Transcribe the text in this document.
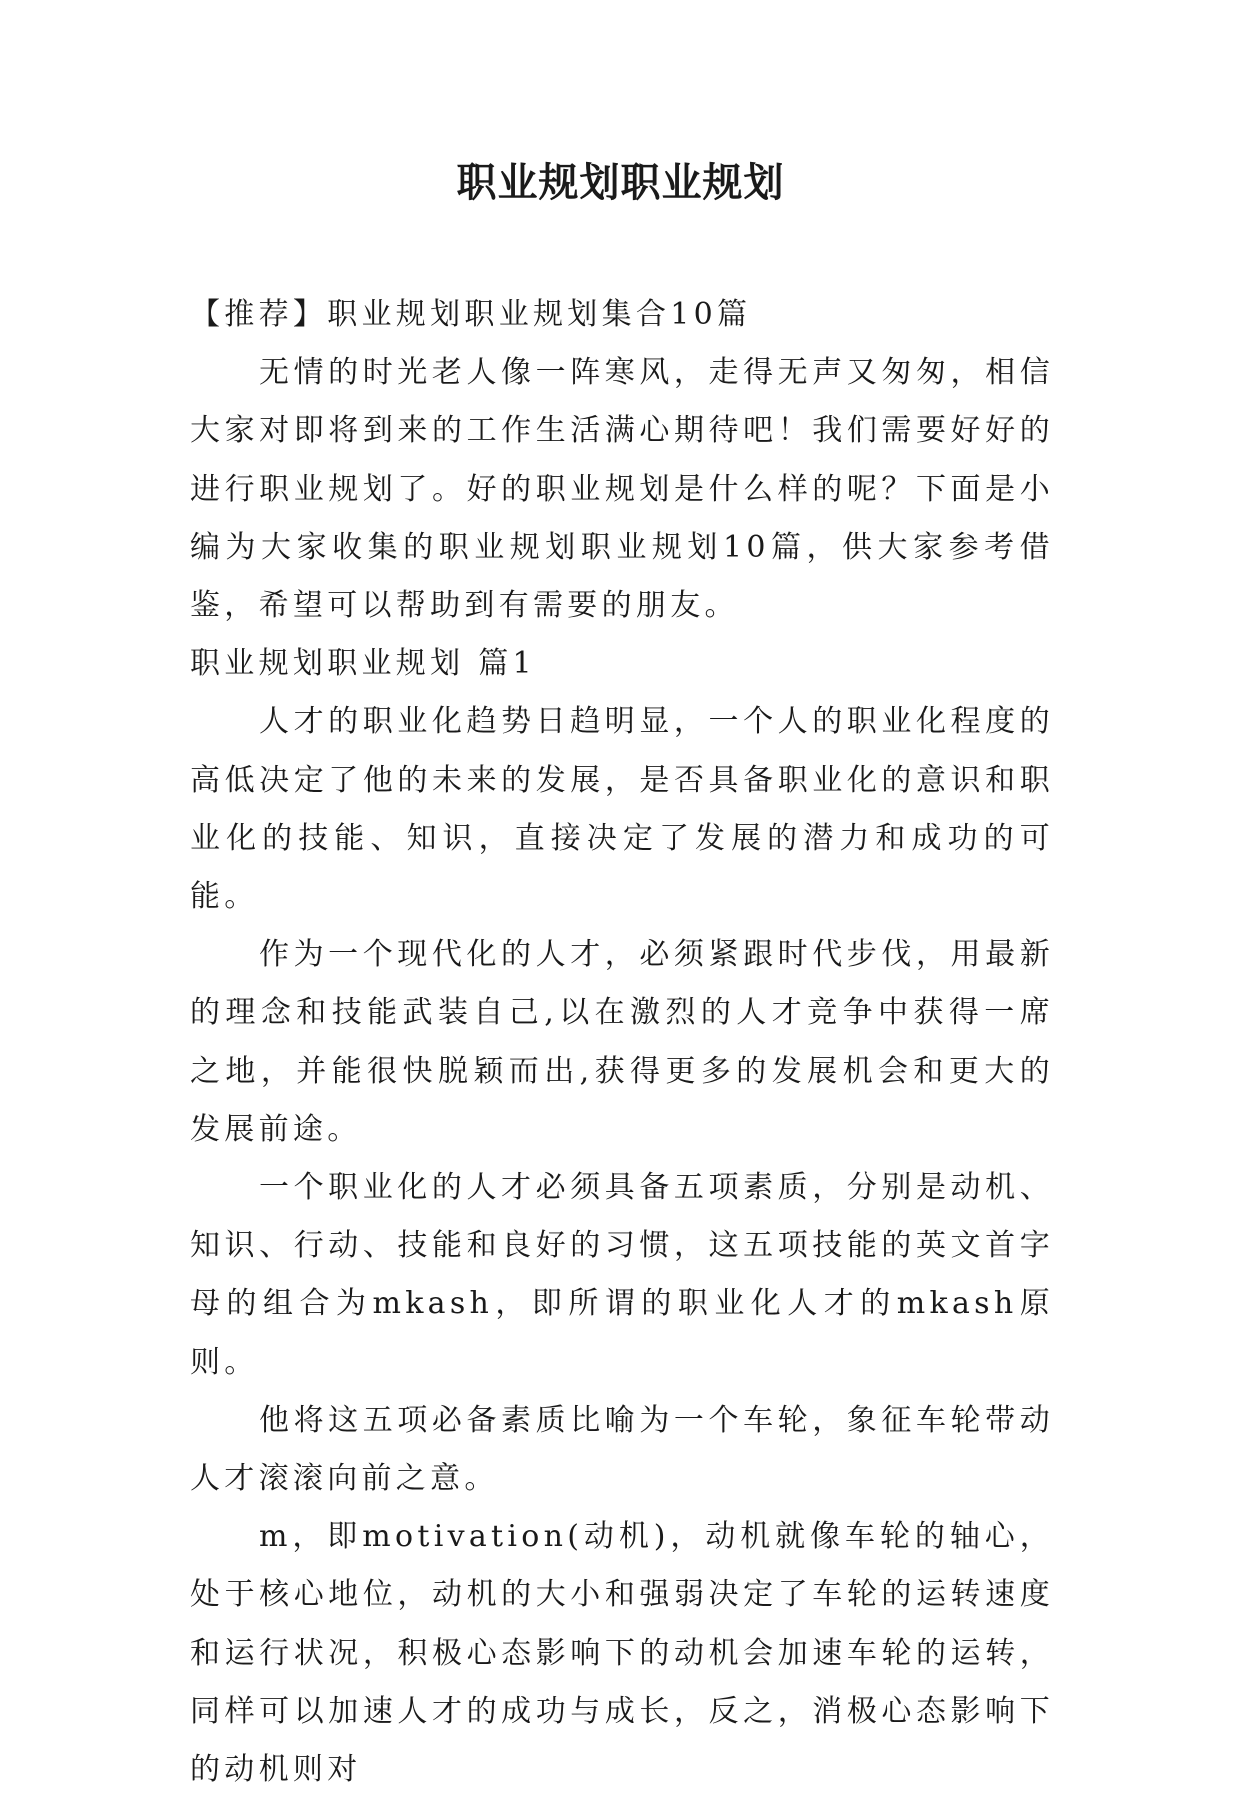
职业规划职业规划

【推荐】职业规划职业规划集合10篇

无情的时光老人像一阵寒风，走得无声又匆匆，相信大家对即将到来的工作生活满心期待吧！我们需要好好的进行职业规划了。好的职业规划是什么样的呢？下面是小编为大家收集的职业规划职业规划10篇，供大家参考借鉴，希望可以帮助到有需要的朋友。

职业规划职业规划 篇1

人才的职业化趋势日趋明显，一个人的职业化程度的高低决定了他的未来的发展，是否具备职业化的意识和职业化的技能、知识，直接决定了发展的潜力和成功的可能。

作为一个现代化的人才，必须紧跟时代步伐，用最新的理念和技能武装自己,以在激烈的人才竞争中获得一席之地，并能很快脱颖而出,获得更多的发展机会和更大的发展前途。

一个职业化的人才必须具备五项素质，分别是动机、知识、行动、技能和良好的习惯，这五项技能的英文首字母的组合为mkash，即所谓的职业化人才的mkash原则。

他将这五项必备素质比喻为一个车轮，象征车轮带动人才滚滚向前之意。

m，即motivation(动机)，动机就像车轮的轴心，处于核心地位，动机的大小和强弱决定了车轮的运转速度和运行状况，积极心态影响下的动机会加速车轮的运转，同样可以加速人才的成功与成长，反之，消极心态影响下的动机则对
